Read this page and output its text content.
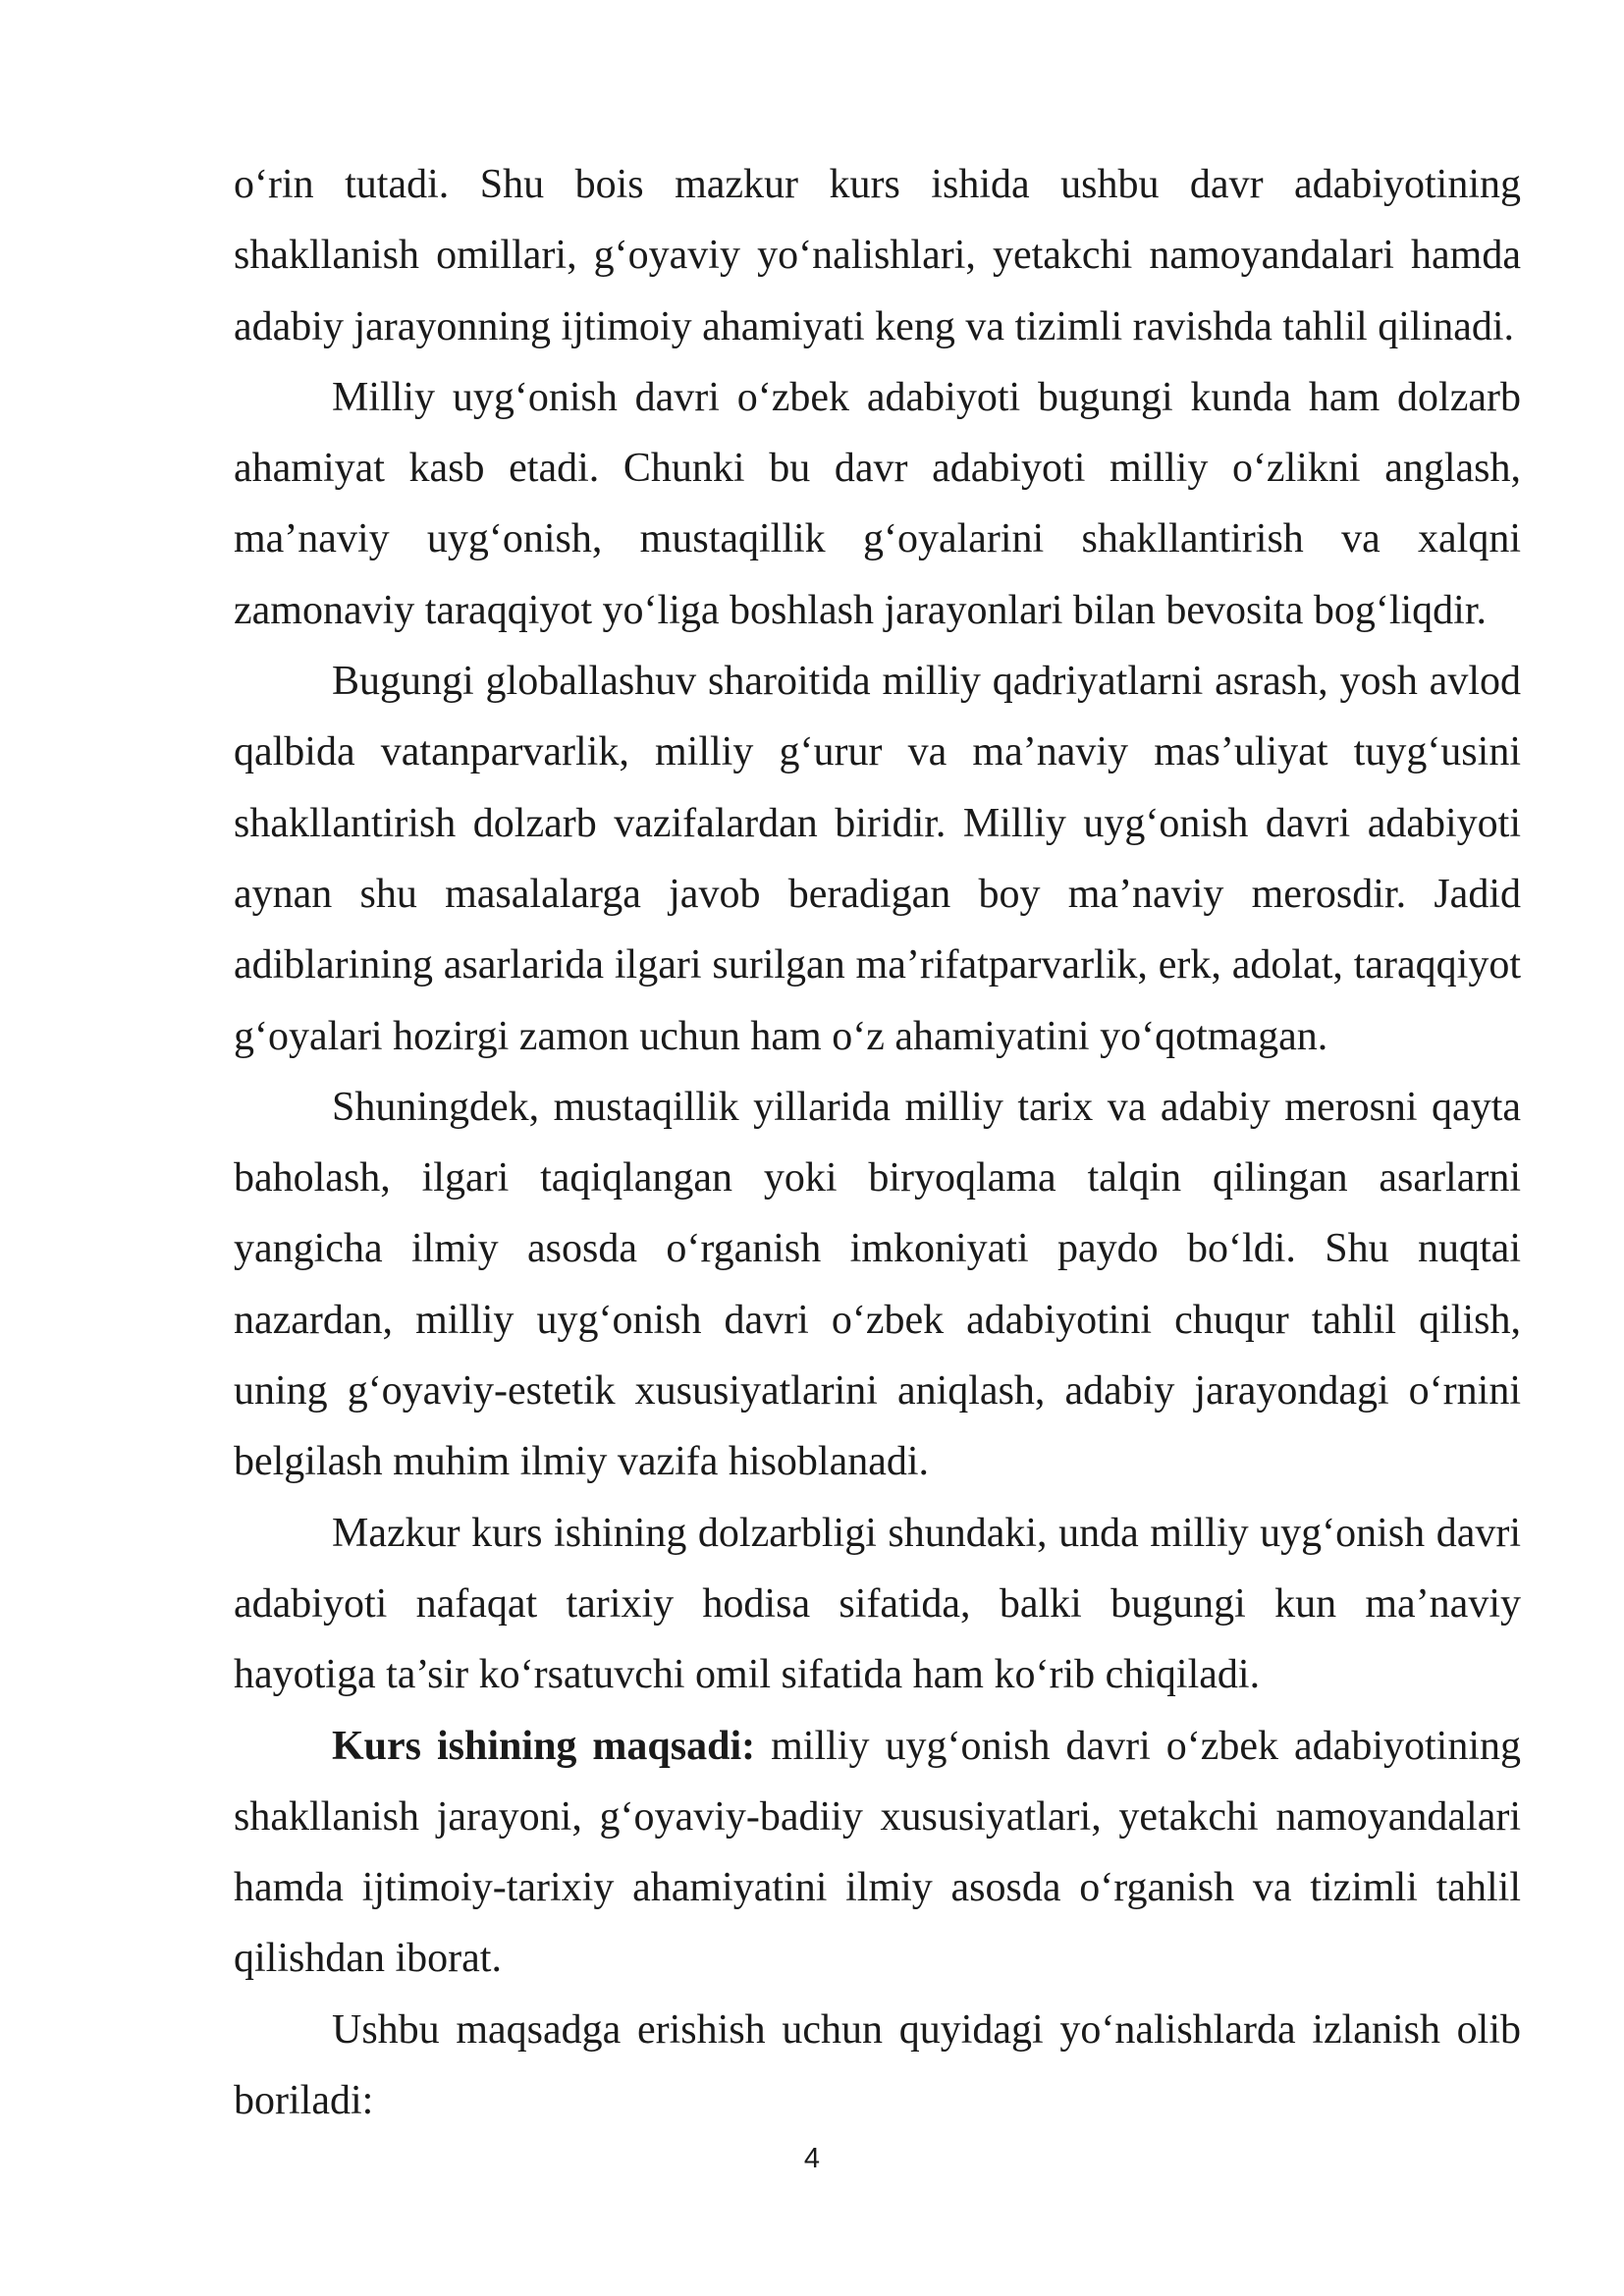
o‘rin tutadi. Shu bois mazkur kurs ishida ushbu davr adabiyotining shakllanish omillari, g‘oyaviy yo‘nalishlari, yetakchi namoyandalari hamda adabiy jarayonning ijtimoiy ahamiyati keng va tizimli ravishda tahlil qilinadi.

Milliy uyg‘onish davri o‘zbek adabiyoti bugungi kunda ham dolzarb ahamiyat kasb etadi. Chunki bu davr adabiyoti milliy o‘zlikni anglash, ma’naviy uyg‘onish, mustaqillik g‘oyalarini shakllantirish va xalqni zamonaviy taraqqiyot yo‘liga boshlash jarayonlari bilan bevosita bog‘liqdir.

Bugungi globallashuv sharoitida milliy qadriyatlarni asrash, yosh avlod qalbida vatanparvarlik, milliy g‘urur va ma’naviy mas’uliyat tuyg‘usini shakllantirish dolzarb vazifalardan biridir. Milliy uyg‘onish davri adabiyoti aynan shu masalalarga javob beradigan boy ma’naviy merosdir. Jadid adiblarining asarlarida ilgari surilgan ma’rifatparvarlik, erk, adolat, taraqqiyot g‘oyalari hozirgi zamon uchun ham o‘z ahamiyatini yo‘qotmagan.

Shuningdek, mustaqillik yillarida milliy tarix va adabiy merosni qayta baholash, ilgari taqiqlangan yoki biryoqlama talqin qilingan asarlarni yangicha ilmiy asosda o‘rganish imkoniyati paydo bo‘ldi. Shu nuqtai nazardan, milliy uyg‘onish davri o‘zbek adabiyotini chuqur tahlil qilish, uning g‘oyaviy-estetik xususiyatlarini aniqlash, adabiy jarayondagi o‘rnini belgilash muhim ilmiy vazifa hisoblanadi.

Mazkur kurs ishining dolzarbligi shundaki, unda milliy uyg‘onish davri adabiyoti nafaqat tarixiy hodisa sifatida, balki bugungi kun ma’naviy hayotiga ta’sir ko‘rsatuvchi omil sifatida ham ko‘rib chiqiladi.

Kurs ishining maqsadi: milliy uyg‘onish davri o‘zbek adabiyotining shakllanish jarayoni, g‘oyaviy-badiiy xususiyatlari, yetakchi namoyandalari hamda ijtimoiy-tarixiy ahamiyatini ilmiy asosda o‘rganish va tizimli tahlil qilishdan iborat.

Ushbu maqsadga erishish uchun quyidagi yo‘nalishlarda izlanish olib boriladi:

4
